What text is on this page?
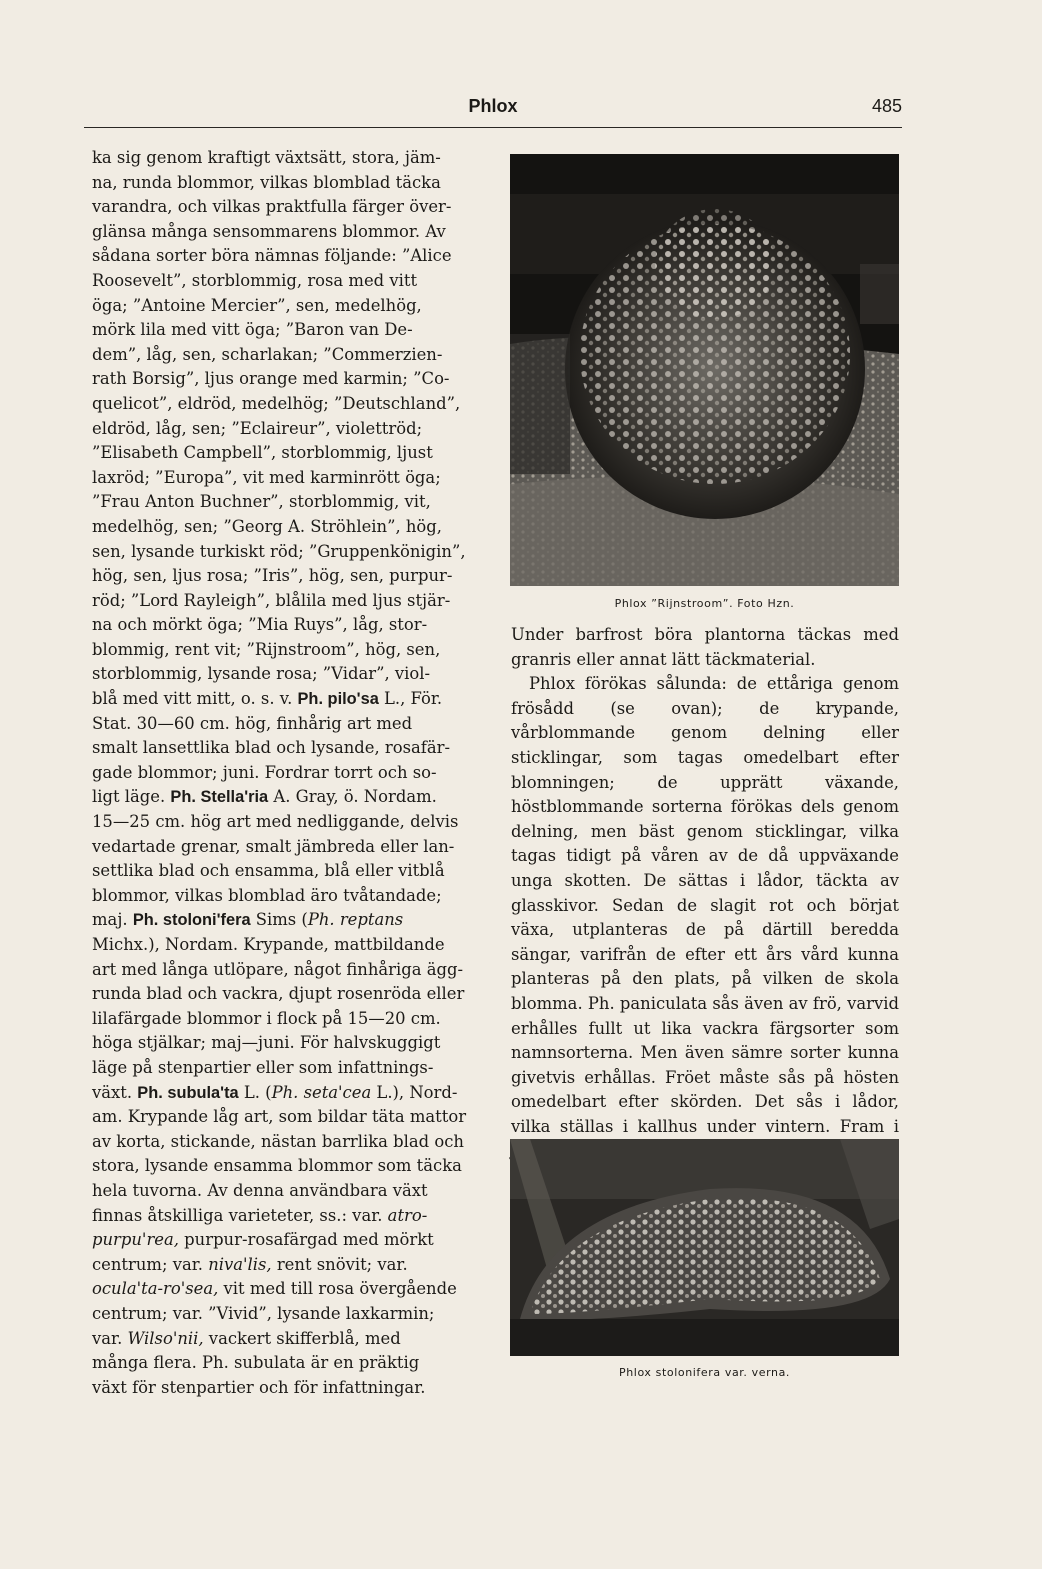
Phlox	485
ka sig genom kraftigt växtsätt, stora, jäm-
na, runda blommor, vilkas blomblad täcka
varandra, och vilkas praktfulla färger över-
glänsa många sensommarens blommor. Av
sådana sorter böra nämnas följande: ”Alice
Roosevelt”, storblommig, rosa med vitt
öga; ”Antoine Mercier”, sen, medelhög,
mörk lila med vitt öga; ”Baron van De-
dem”, låg, sen, scharlakan; ”Commerzien-
rath Borsig”, ljus orange med karmin; ”Co-
quelicot”, eldröd, medelhög; ”Deutschland”,
eldröd, låg, sen; ”Eclaireur”, violettröd;
”Elisabeth Campbell”, storblommig, ljust
laxröd; ”Europa”, vit med karminrött öga;
”Frau Anton Buchner”, storblommig, vit,
medelhög, sen; ”Georg A. Ströhlein”, hög,
sen, lysande turkiskt röd; ”Gruppenkönigin”,
hög, sen, ljus rosa; ”Iris”, hög, sen, purpur-
röd; ”Lord Rayleigh”, blålila med ljus stjär-
na och mörkt öga; ”Mia Ruys”, låg, stor-
blommig, rent vit; ”Rijnstroom”, hög, sen,
storblommig, lysande rosa; ”Vidar”, viol-
blå med vitt mitt, o. s. v. Ph. pilo'sa L., För.
Stat. 30—60 cm. hög, finhårig art med
smalt lansettlika blad och lysande, rosafär-
gade blommor; juni. Fordrar torrt och so-
ligt läge. Ph. Stella'ria A. Gray, ö. Nordam.
15—25 cm. hög art med nedliggande, delvis
vedartade grenar, smalt jämbreda eller lan-
settlika blad och ensamma, blå eller vitblå
blommor, vilkas blomblad äro tvåtandade;
maj. Ph. stoloni'fera Sims (Ph. reptans
Michx.), Nordam. Krypande, mattbildande
art med långa utlöpare, något finhåriga ägg-
runda blad och vackra, djupt rosenröda eller
lilafärgade blommor i flock på 15—20 cm.
höga stjälkar; maj—juni. För halvskuggigt
läge på stenpartier eller som infattnings-
växt. Ph. subula'ta L. (Ph. seta'cea L.), Nord-
am. Krypande låg art, som bildar täta mattor
av korta, stickande, nästan barrlika blad och
stora, lysande ensamma blommor som täcka
hela tuvorna. Av denna användbara växt
finnas åtskilliga varieteter, ss.: var. atro-
purpu'rea, purpur-rosafärgad med mörkt
centrum; var. niva'lis, rent snövit; var.
ocula'ta-ro'sea, vit med till rosa övergående
centrum; var. ”Vivid”, lysande laxkarmin;
var. Wilso'nii, vackert skifferblå, med
många flera. Ph. subulata är en präktig
växt för stenpartier och för infattningar.
Phlox ”Rijnstroom”. Foto Hzn.

Under barfrost böra plantorna täckas med granris eller annat lätt täckmaterial.

Phlox förökas sålunda: de ettåriga genom frösådd (se ovan); de krypande, vårblommande genom delning eller sticklingar, som tagas omedelbart efter blomningen; de upprätt växande, höstblommande sorterna förökas dels genom delning, men bäst genom sticklingar, vilka tagas tidigt på våren av de då uppväxande unga skotten. De sättas i lådor, täckta av glasskivor. Sedan de slagit rot och börjat växa, utplanteras de på därtill beredda sängar, varifrån de efter ett års vård kunna planteras på den plats, på vilken de skola blomma. Ph. paniculata sås även av frö, varvid erhålles fullt ut lika vackra färgsorter som namnsorterna. Men även sämre sorter kunna givetvis erhållas. Fröet måste sås på hösten omedelbart efter skörden. Det sås i lådor, vilka ställas i kallhus under vintern. Fram i

Phlox stolonifera var. verna.
